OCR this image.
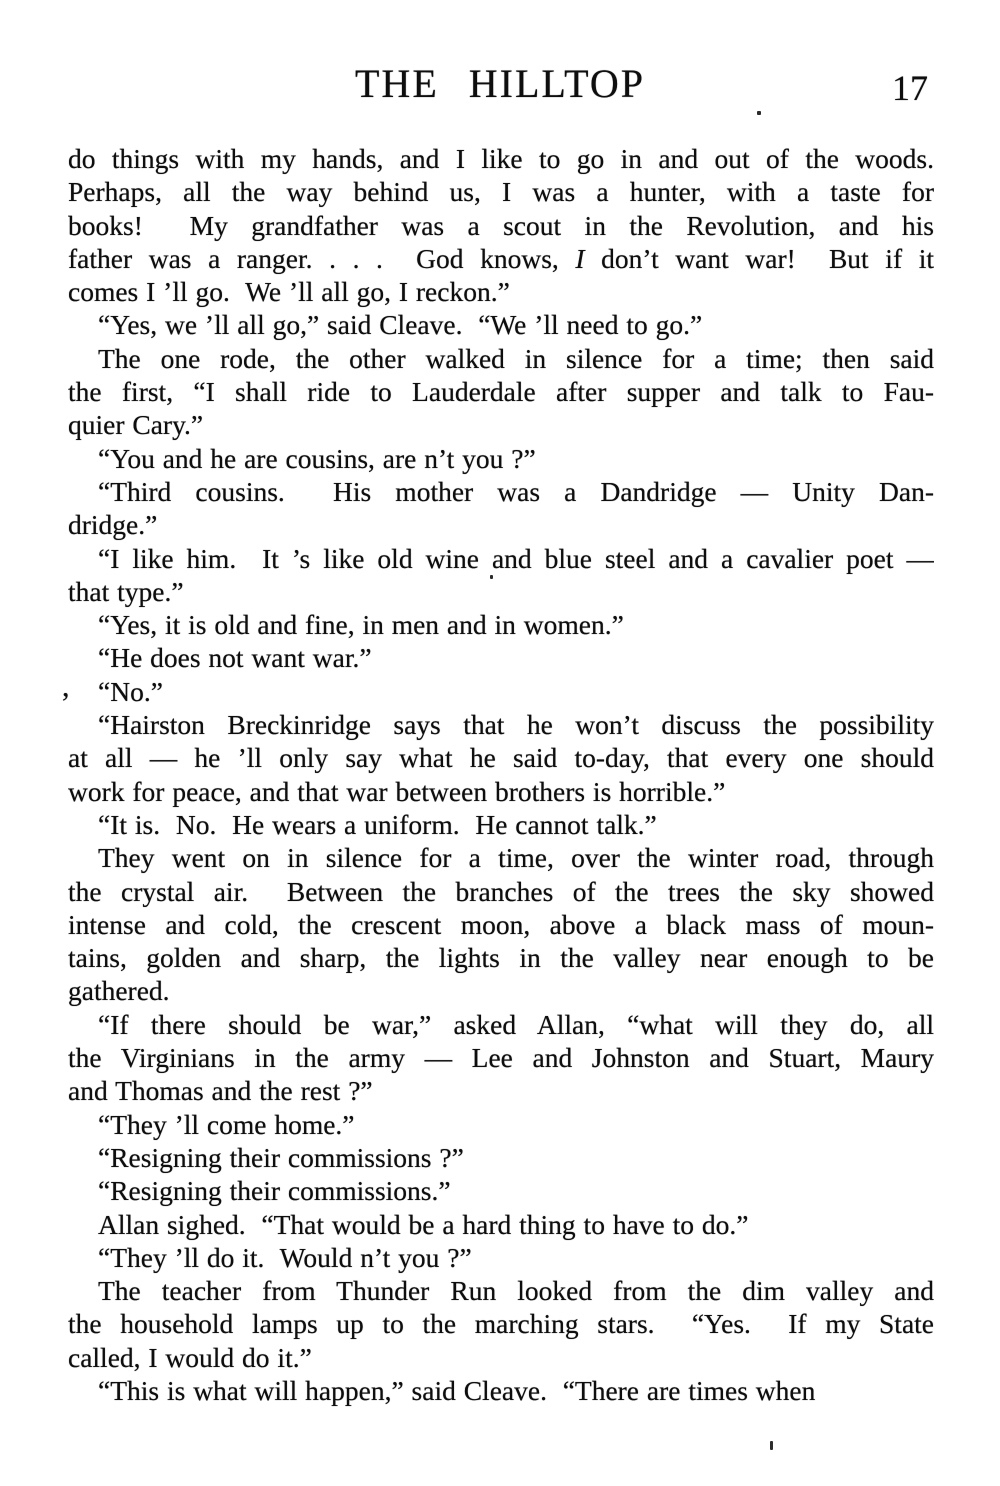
THE HILLTOP	17
do things with my hands, and I like to go in and out of the woods.
Perhaps, all the way behind us, I was a hunter, with a taste for
books!  My grandfather was a scout in the Revolution, and his
father was a ranger. . . .  God knows, I don’t want war!  But if it
comes I ’ll go.  We ’ll all go, I reckon.”
“Yes, we ’ll all go,” said Cleave.  “We ’ll need to go.”
The one rode, the other walked in silence for a time; then said
the first, “I shall ride to Lauderdale after supper and talk to Fau-
quier Cary.”
“You and he are cousins, are n’t you ?”
“Third cousins.  His mother was a Dandridge — Unity Dan-
dridge.”
“I like him.  It ’s like old wine and blue steel and a cavalier poet —
that type.”
“Yes, it is old and fine, in men and in women.”
“He does not want war.”
“No.”
“Hairston Breckinridge says that he won’t discuss the possibility
at all — he ’ll only say what he said to-day, that every one should
work for peace, and that war between brothers is horrible.”
“It is.  No.  He wears a uniform.  He cannot talk.”
They went on in silence for a time, over the winter road, through
the crystal air.  Between the branches of the trees the sky showed
intense and cold, the crescent moon, above a black mass of moun-
tains, golden and sharp, the lights in the valley near enough to be
gathered.
“If there should be war,” asked Allan, “what will they do, all
the Virginians in the army — Lee and Johnston and Stuart, Maury
and Thomas and the rest ?”
“They ’ll come home.”
“Resigning their commissions ?”
“Resigning their commissions.”
Allan sighed.  “That would be a hard thing to have to do.”
“They ’ll do it.  Would n’t you ?”
The teacher from Thunder Run looked from the dim valley and
the household lamps up to the marching stars.  “Yes.  If my State
called, I would do it.”
“This is what will happen,” said Cleave.  “There are times when
,
